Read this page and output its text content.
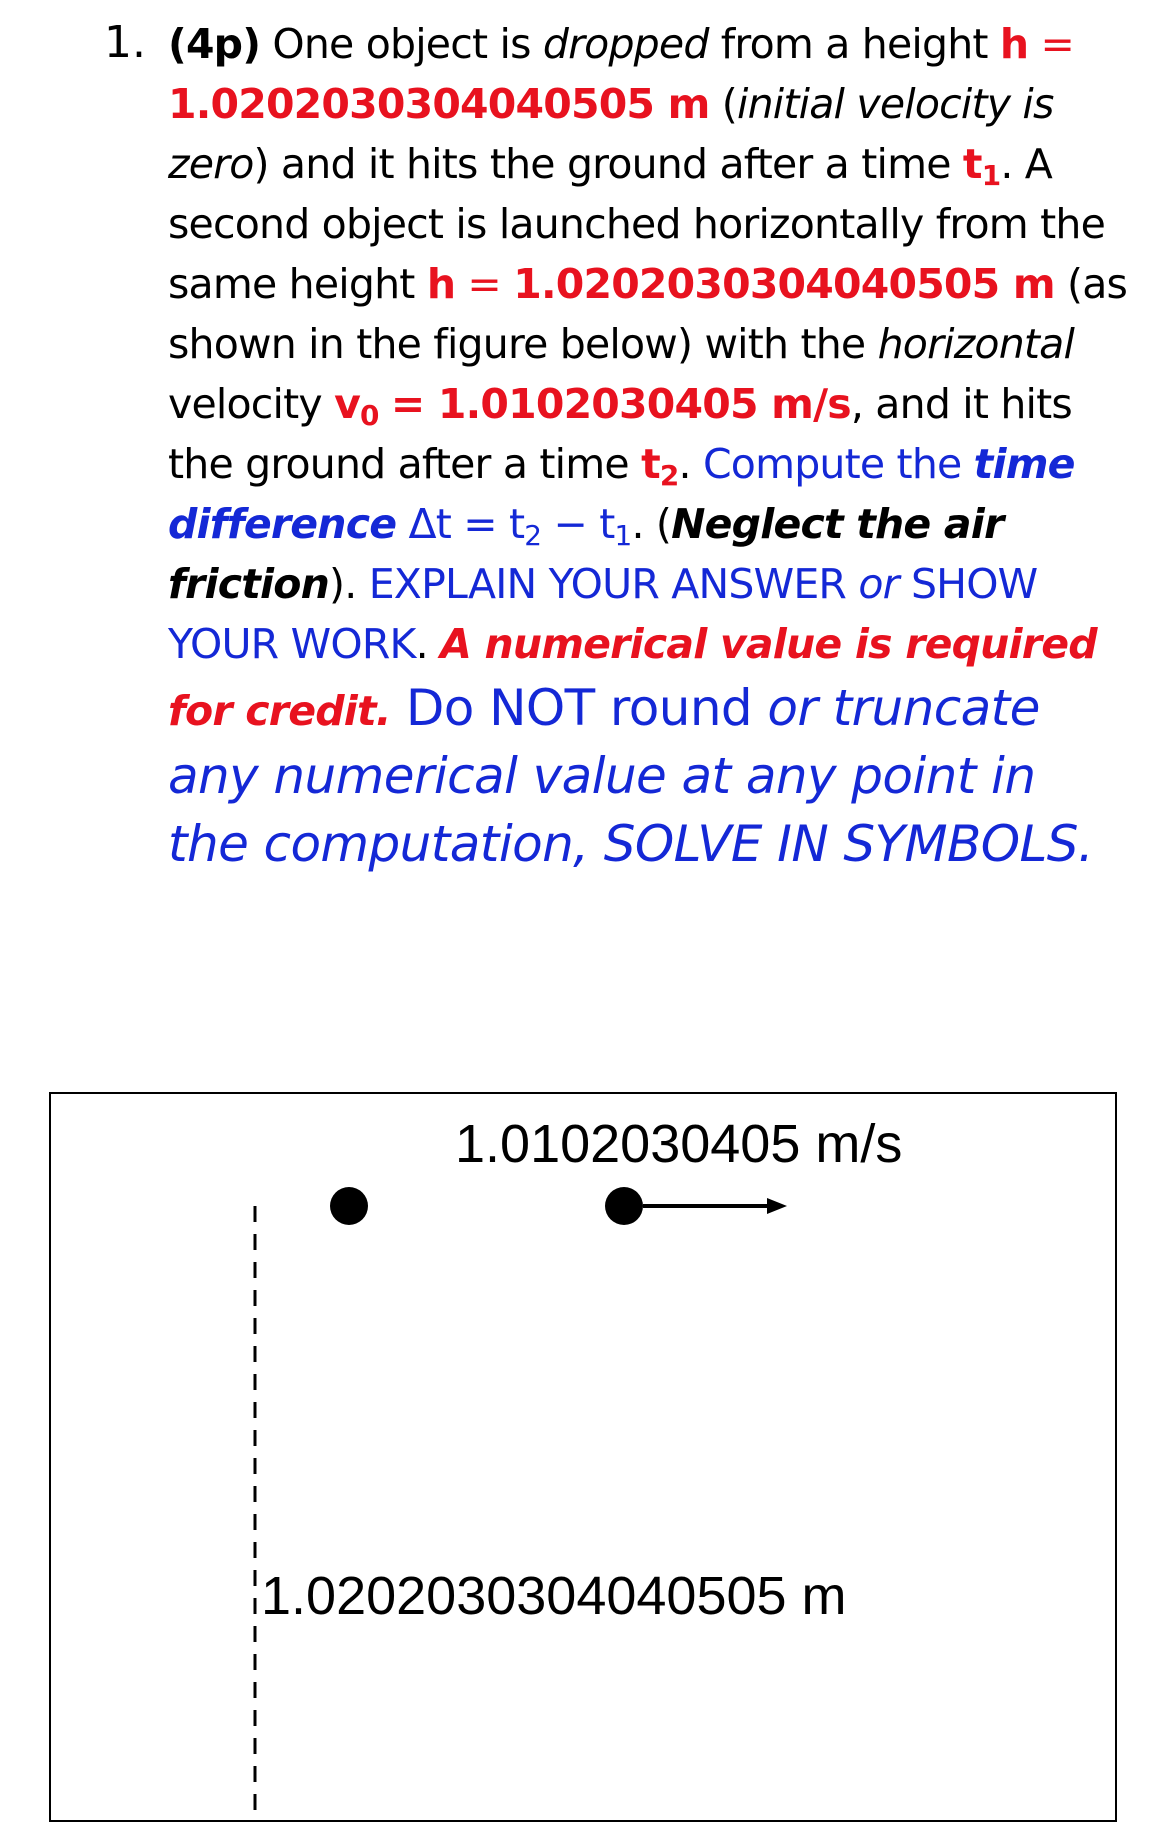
1. (4p) One object is dropped from a height h = 1.0202030304040505 m (initial velocity is zero) and it hits the ground after a time $t_1$. A second object is launched horizontally from the same height h = 1.0202030304040505 m (as shown in the figure below) with the horizontal velocity $v_0 = 1.0102030405$ m/s, and it hits the ground after a time $t_2$. Compute the time difference $\Delta t = t_2 - t_1$. (Neglect the air friction). EXPLAIN YOUR ANSWER or SHOW YOUR WORK. A numerical value is required for credit. Do NOT round or truncate any numerical value at any point in the computation, SOLVE IN SYMBOLS.
1.0102030405 m/s
1.0202030304040505 m
